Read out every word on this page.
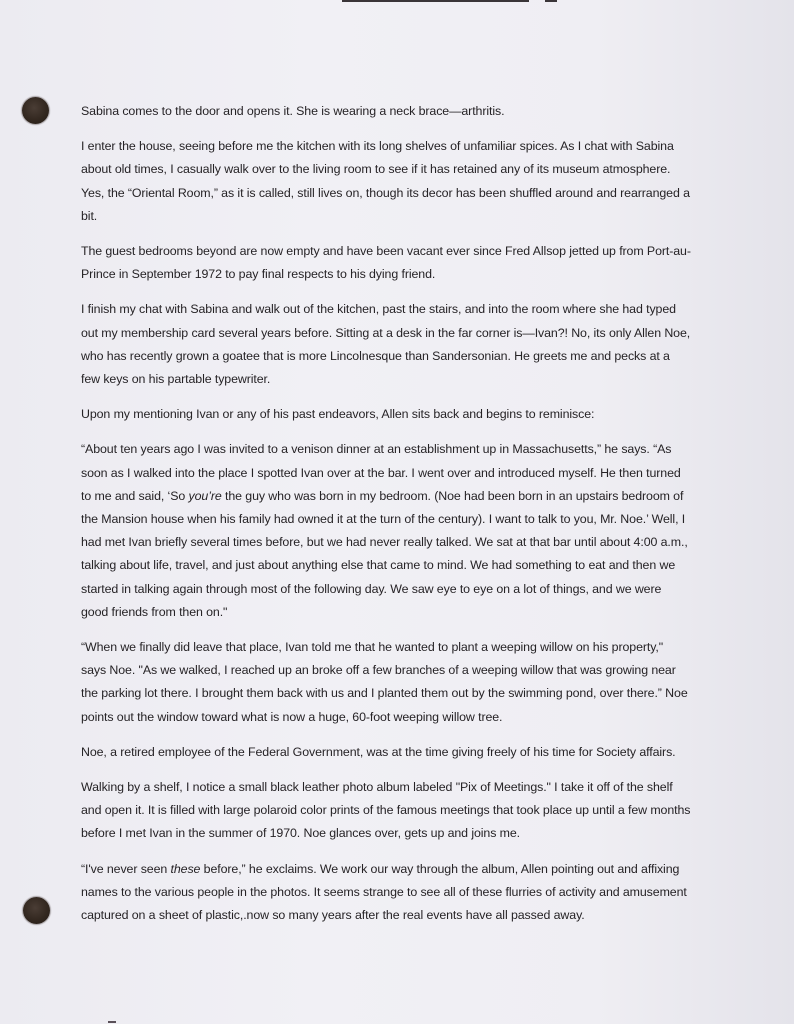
Sabina comes to the door and opens it. She is wearing a neck brace—arthritis.

I enter the house, seeing before me the kitchen with its long shelves of unfamiliar spices. As I chat with Sabina about old times, I casually walk over to the living room to see if it has retained any of its museum atmosphere. Yes, the “Oriental Room,” as it is called, still lives on, though its decor has been shuffled around and rearranged a bit.

The guest bedrooms beyond are now empty and have been vacant ever since Fred Allsop jetted up from Port-au-Prince in September 1972 to pay final respects to his dying friend.

I finish my chat with Sabina and walk out of the kitchen, past the stairs, and into the room where she had typed out my membership card several years before. Sitting at a desk in the far corner is—Ivan?! No, its only Allen Noe, who has recently grown a goatee that is more Lincolnesque than Sandersonian. He greets me and pecks at a few keys on his partable typewriter.

Upon my mentioning Ivan or any of his past endeavors, Allen sits back and begins to reminisce:

“About ten years ago I was invited to a venison dinner at an establishment up in Massachusetts,” he says. “As soon as I walked into the place I spotted Ivan over at the bar. I went over and introduced myself. He then turned to me and said, ‘So you’re the guy who was born in my bedroom. (Noe had been born in an upstairs bedroom of the Mansion house when his family had owned it at the turn of the century). I want to talk to you, Mr. Noe.’ Well, I had met Ivan briefly several times before, but we had never really talked. We sat at that bar until about 4:00 a.m., talking about life, travel, and just about anything else that came to mind. We had something to eat and then we started in talking again through most of the following day. We saw eye to eye on a lot of things, and we were good friends from then on."

“When we finally did leave that place, Ivan told me that he wanted to plant a weeping willow on his property," says Noe. "As we walked, I reached up an broke off a few branches of a weeping willow that was growing near the parking lot there. I brought them back with us and I planted them out by the swimming pond, over there.” Noe points out the window toward what is now a huge, 60-foot weeping willow tree.

Noe, a retired employee of the Federal Government, was at the time giving freely of his time for Society affairs.

Walking by a shelf, I notice a small black leather photo album labeled "Pix of Meetings." I take it off of the shelf and open it. It is filled with large polaroid color prints of the famous meetings that took place up until a few months before I met Ivan in the summer of 1970. Noe glances over, gets up and joins me.

“I've never seen these before,” he exclaims. We work our way through the album, Allen pointing out and affixing names to the various people in the photos. It seems strange to see all of these flurries of activity and amusement captured on a sheet of plastic,.now so many years after the real events have all passed away.
